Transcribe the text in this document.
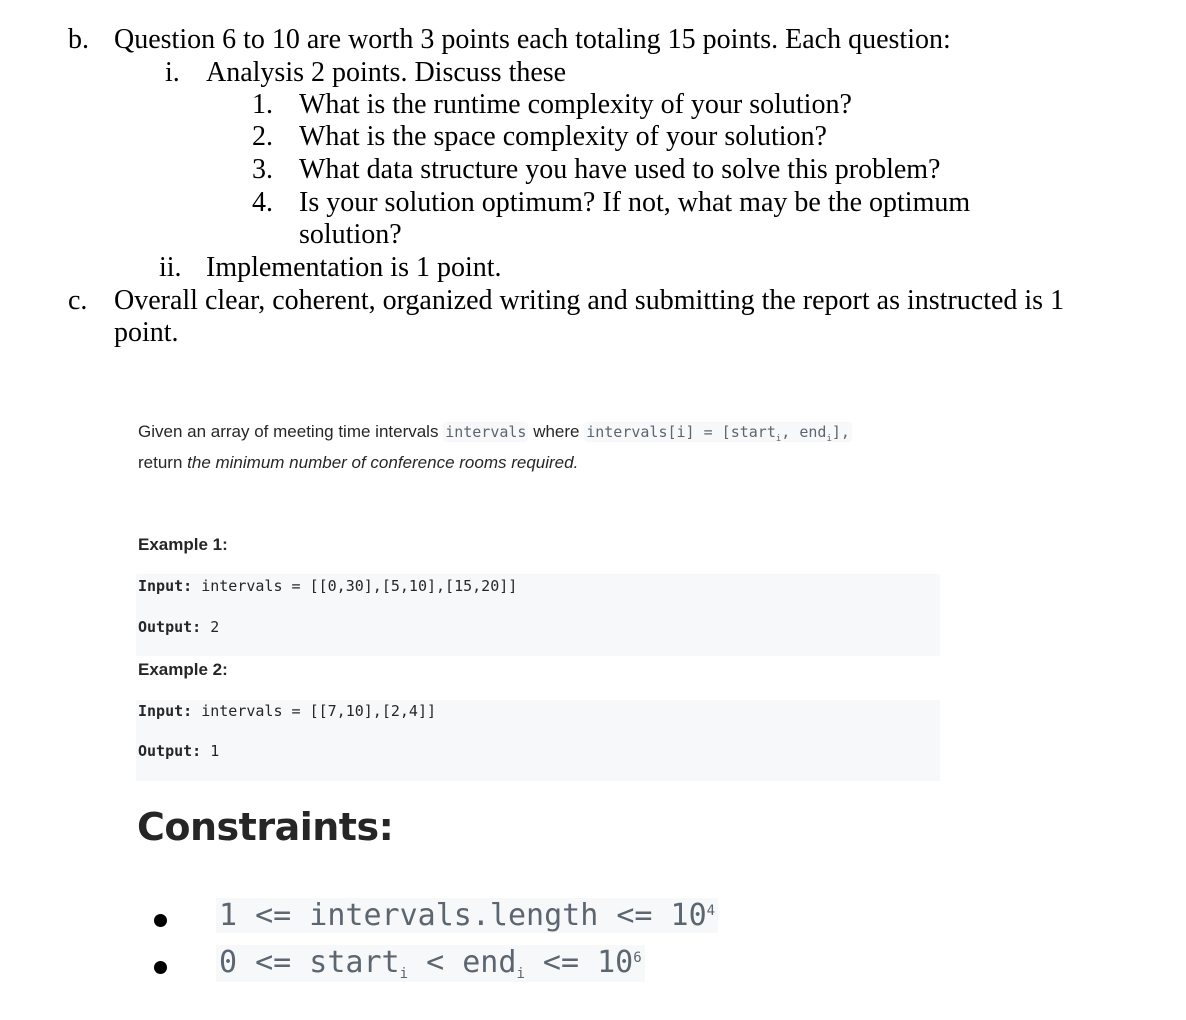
b. Question 6 to 10 are worth 3 points each totaling 15 points. Each question:
i. Analysis 2 points. Discuss these
1. What is the runtime complexity of your solution?
2. What is the space complexity of your solution?
3. What data structure you have used to solve this problem?
4. Is your solution optimum? If not, what may be the optimum
solution?
ii. Implementation is 1 point.
c. Overall clear, coherent, organized writing and submitting the report as instructed is 1
point.
Given an array of meeting time intervals intervals where intervals[i] = [start$_i$, end$_i$],
return the minimum number of conference rooms required.
Example 1:
Input: intervals = [[0,30],[5,10],[15,20]]
Output: 2
Example 2:
Input: intervals = [[7,10],[2,4]]
Output: 1
Constraints:
1 <= intervals.length <= $10^4$
0 <= start$_i$ < $end_i <= 10^6$
